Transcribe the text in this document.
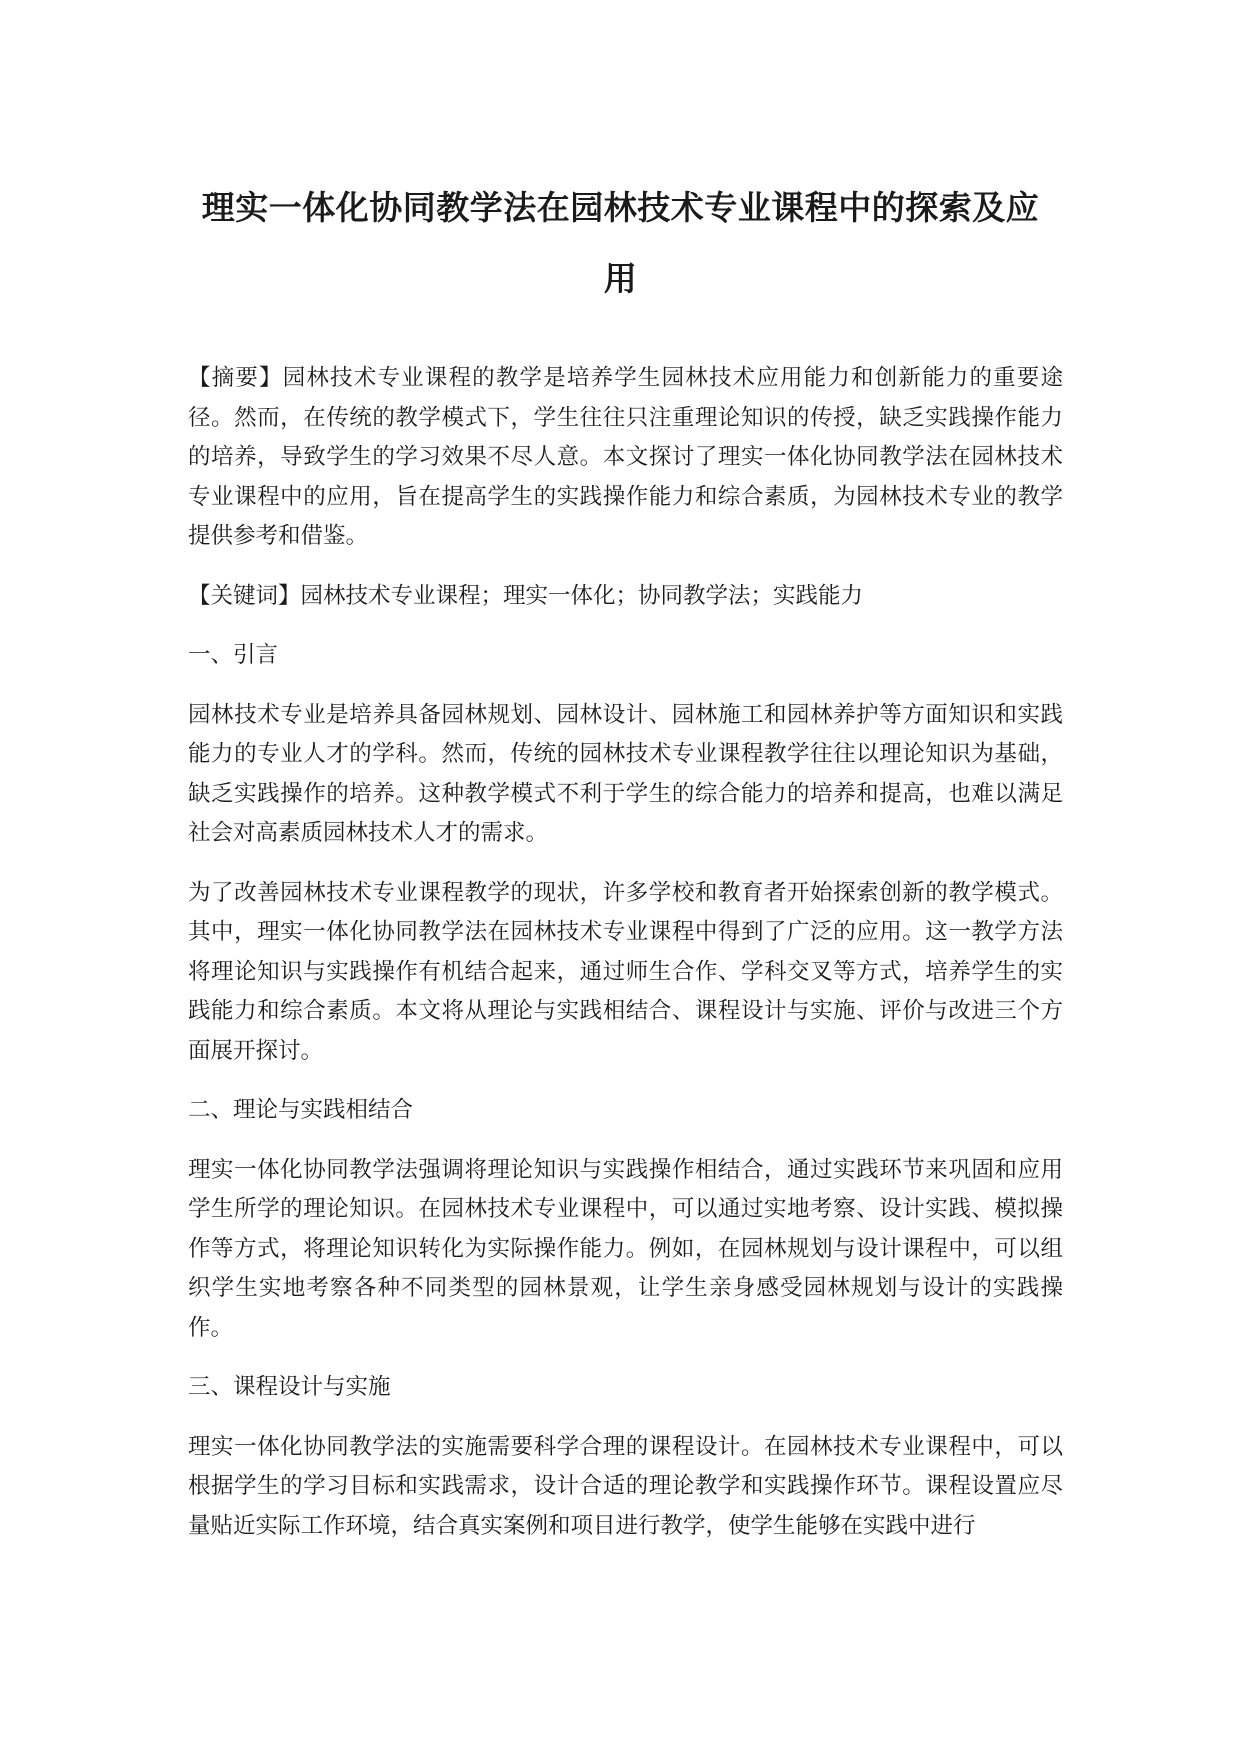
理实一体化协同教学法在园林技术专业课程中的探索及应用

【摘要】园林技术专业课程的教学是培养学生园林技术应用能力和创新能力的重要途径。然而，在传统的教学模式下，学生往往只注重理论知识的传授，缺乏实践操作能力的培养，导致学生的学习效果不尽人意。本文探讨了理实一体化协同教学法在园林技术专业课程中的应用，旨在提高学生的实践操作能力和综合素质，为园林技术专业的教学提供参考和借鉴。

【关键词】园林技术专业课程；理实一体化；协同教学法；实践能力

一、引言

园林技术专业是培养具备园林规划、园林设计、园林施工和园林养护等方面知识和实践能力的专业人才的学科。然而，传统的园林技术专业课程教学往往以理论知识为基础，缺乏实践操作的培养。这种教学模式不利于学生的综合能力的培养和提高，也难以满足社会对高素质园林技术人才的需求。

为了改善园林技术专业课程教学的现状，许多学校和教育者开始探索创新的教学模式。其中，理实一体化协同教学法在园林技术专业课程中得到了广泛的应用。这一教学方法将理论知识与实践操作有机结合起来，通过师生合作、学科交叉等方式，培养学生的实践能力和综合素质。本文将从理论与实践相结合、课程设计与实施、评价与改进三个方面展开探讨。

二、理论与实践相结合

理实一体化协同教学法强调将理论知识与实践操作相结合，通过实践环节来巩固和应用学生所学的理论知识。在园林技术专业课程中，可以通过实地考察、设计实践、模拟操作等方式，将理论知识转化为实际操作能力。例如，在园林规划与设计课程中，可以组织学生实地考察各种不同类型的园林景观，让学生亲身感受园林规划与设计的实践操作。

三、课程设计与实施

理实一体化协同教学法的实施需要科学合理的课程设计。在园林技术专业课程中，可以根据学生的学习目标和实践需求，设计合适的理论教学和实践操作环节。课程设置应尽量贴近实际工作环境，结合真实案例和项目进行教学，使学生能够在实践中进行
